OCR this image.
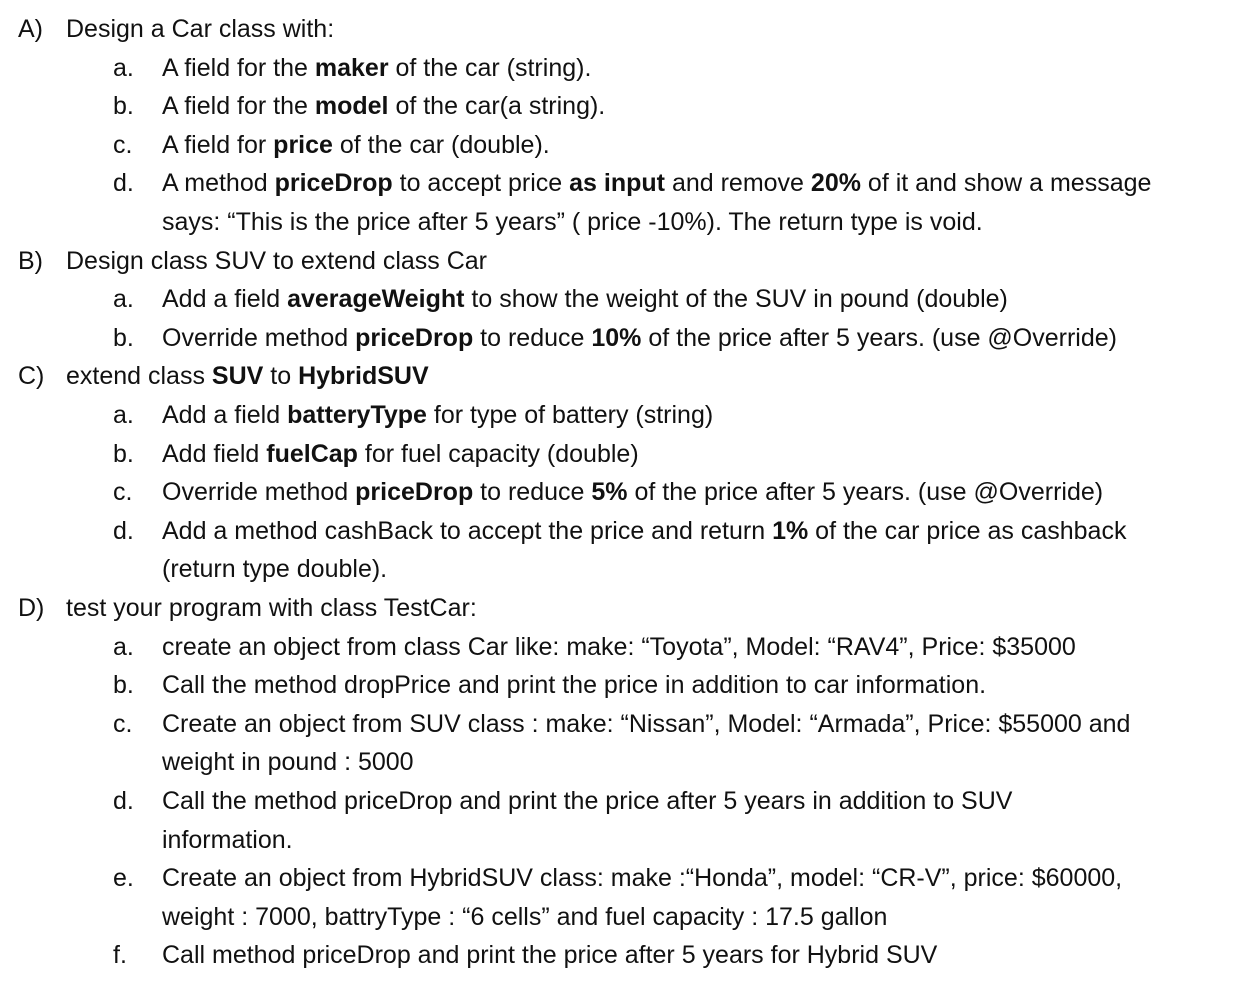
A) Design a Car class with:
a. A field for the maker of the car (string).
b. A field for the model of the car(a string).
c. A field for price of the car (double).
d. A method priceDrop to accept price as input and remove 20% of it and show a message
says: “This is the price after 5 years” ( price -10%). The return type is void.
B) Design class SUV to extend class Car
a. Add a field averageWeight to show the weight of the SUV in pound (double)
b. Override method priceDrop to reduce 10% of the price after 5 years. (use @Override)
C) extend class SUV to HybridSUV
a. Add a field batteryType for type of battery (string)
b. Add field fuelCap for fuel capacity (double)
c. Override method priceDrop to reduce 5% of the price after 5 years. (use @Override)
d. Add a method cashBack to accept the price and return 1% of the car price as cashback
(return type double).
D) test your program with class TestCar:
a. create an object from class Car like: make: “Toyota”, Model: “RAV4”, Price: $35000
b. Call the method dropPrice and print the price in addition to car information.
c. Create an object from SUV class : make: “Nissan”, Model: “Armada”, Price: $55000 and
weight in pound : 5000
d. Call the method priceDrop and print the price after 5 years in addition to SUV
information.
e. Create an object from HybridSUV class: make :“Honda”, model: “CR-V”, price: $60000,
weight : 7000, battryType : “6 cells” and fuel capacity : 17.5 gallon
f. Call method priceDrop and print the price after 5 years for Hybrid SUV
